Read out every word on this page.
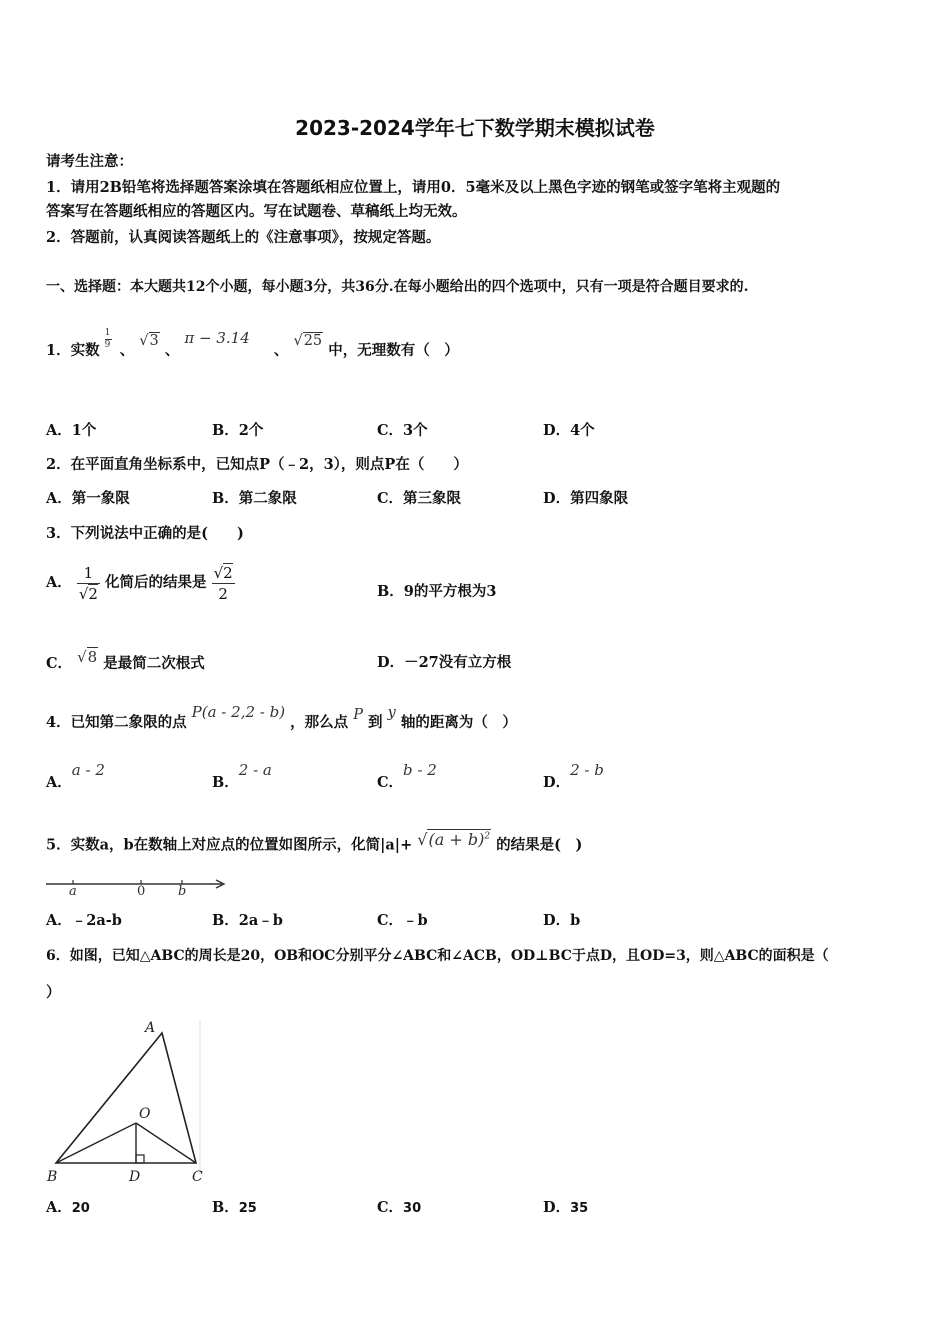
2023-2024学年七下数学期末模拟试卷
请考生注意：
1．请用2B铅笔将选择题答案涂填在答题纸相应位置上，请用0．5毫米及以上黑色字迹的钢笔或签字笔将主观题的
答案写在答题纸相应的答题区内。写在试题卷、草稿纸上均无效。
2．答题前，认真阅读答题纸上的《注意事项》，按规定答题。
一、选择题：本大题共12个小题，每小题3分，共36分.在每小题给出的四个选项中，只有一项是符合题目要求的.
1．实数
$\frac{1}{9}$
、 √3 、 π − 3.14  、 √25 中，无理数有（　）
A．1个	B．2个	C．3个	D．4个
2．在平面直角坐标系中，已知点P（﹣2，3），则点P在（　　）
A．第一象限	B．第二象限	C．第三象限	D．第四象限
3．下列说法中正确的是(　　)
A． $\frac{1}{√2}$ 化简后的结果是 $\frac{√2}{2}$	B．9的平方根为3
C． √8 是最简二次根式	D．－27没有立方根
4．已知第二象限的点 P(a - 2,2 - b) ，那么点 P 到 y 轴的距离为（　）
A．a - 2
B．2 - a
C．b - 2
D．2 - b
5．实数a，b在数轴上对应点的位置如图所示，化简$|a|+ √(a + b)^2$ 的结果是(　)
a	0	b
A．﹣2a-b	B．2a﹣b	C．﹣b	D．b
6．如图，已知△ABC的周长是20，OB和OC分别平分∠ABC和∠ACB，OD⊥BC于点D，且OD=3，则△ABC的面积是（
）
A
B	C
D
O
A．20	B．25	C．30	D．35
